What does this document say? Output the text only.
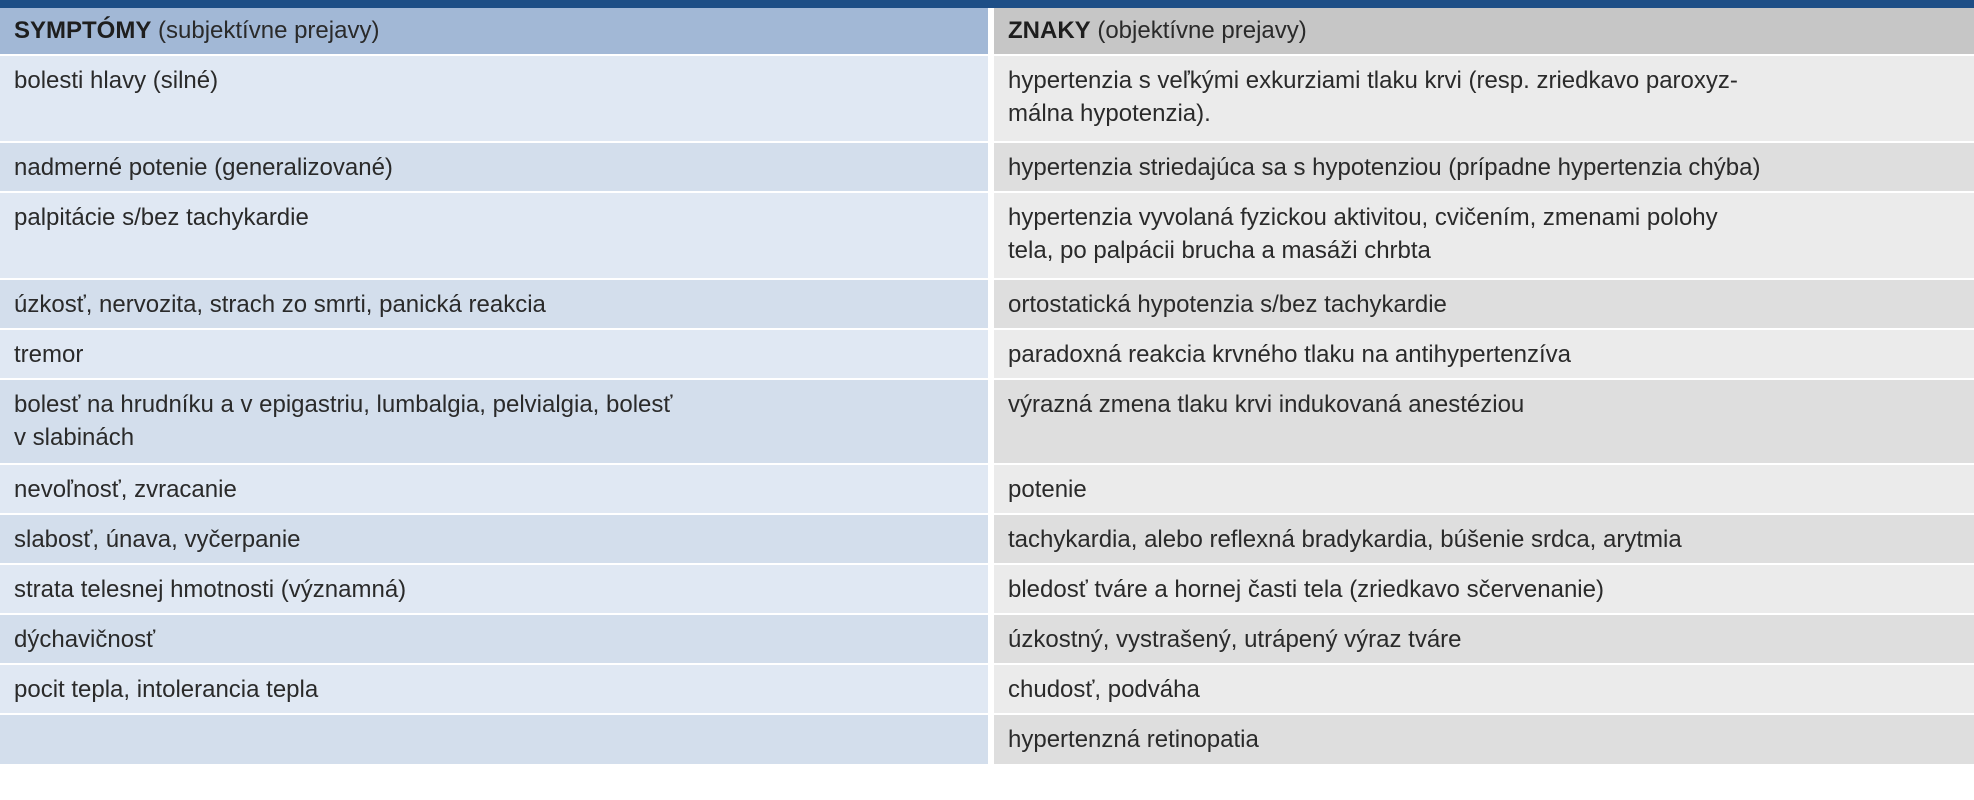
SYMPTÓMY (subjektívne prejavy)	ZNAKY (objektívne prejavy)
bolesti hlavy (silné)	hypertenzia s veľkými exkurziami tlaku krvi (resp. zriedkavo paroxyz-
málna hypotenzia).
nadmerné potenie (generalizované)	hypertenzia striedajúca sa s hypotenziou (prípadne hypertenzia chýba)
palpitácie s/bez tachykardie	hypertenzia vyvolaná fyzickou aktivitou, cvičením, zmenami polohy
tela, po palpácii brucha a masáži chrbta
úzkosť, nervozita, strach zo smrti, panická reakcia	ortostatická hypotenzia s/bez tachykardie
tremor	paradoxná reakcia krvného tlaku na antihypertenzíva
bolesť na hrudníku a v epigastriu, lumbalgia, pelvialgia, bolesť
v slabinách	výrazná zmena tlaku krvi indukovaná anestéziou
nevoľnosť, zvracanie	potenie
slabosť, únava, vyčerpanie	tachykardia, alebo reflexná bradykardia, búšenie srdca, arytmia
strata telesnej hmotnosti (významná)	bledosť tváre a hornej časti tela (zriedkavo sčervenanie)
dýchavičnosť	úzkostný, vystrašený, utrápený výraz tváre
pocit tepla, intolerancia tepla	chudosť, podváha
	hypertenzná retinopatia
